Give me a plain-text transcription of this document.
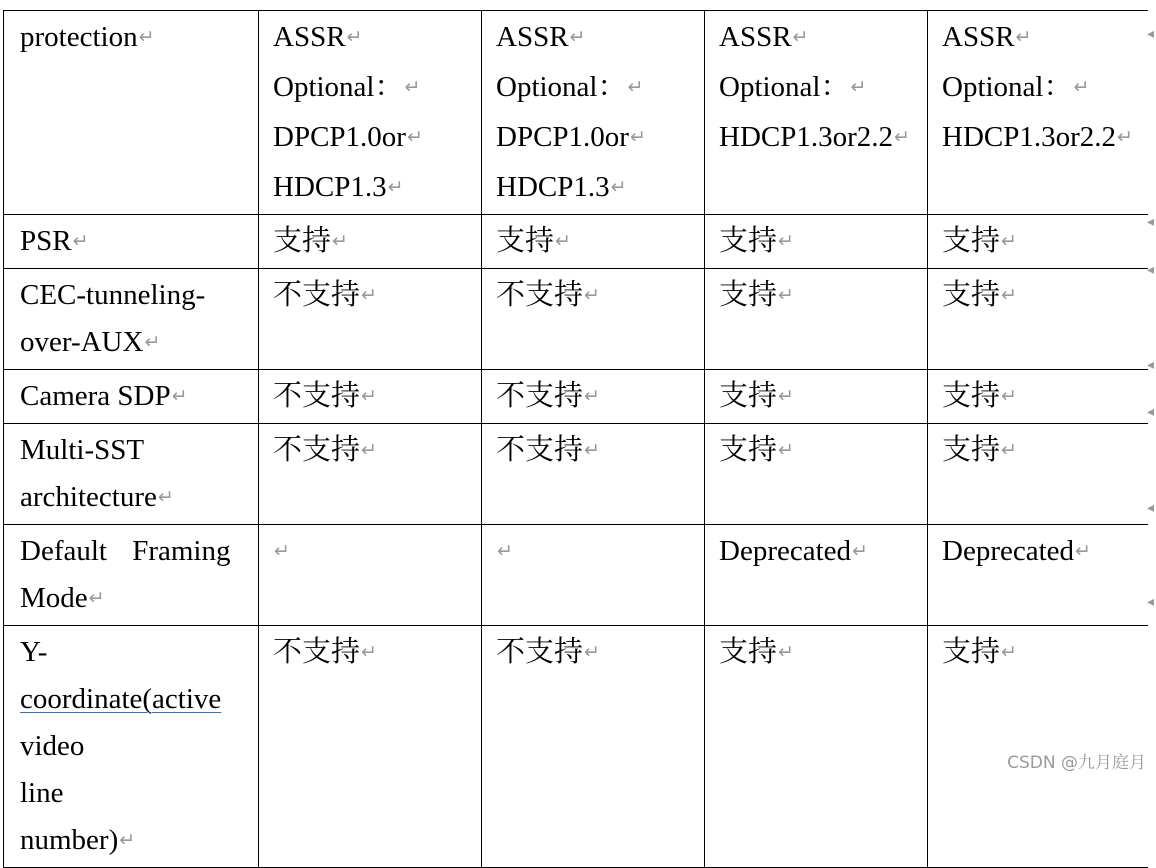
protection↵	ASSR↵
Optional：↵
DPCP1.0or↵
HDCP1.3↵	ASSR↵
Optional：↵
DPCP1.0or↵
HDCP1.3↵	ASSR↵
Optional：↵
HDCP1.3or2.2↵	ASSR↵
Optional：↵
HDCP1.3or2.2↵

PSR↵	支持↵	支持↵	支持↵	支持↵

CEC-tunneling-
over-AUX↵	不支持↵	不支持↵	支持↵	支持↵

Camera SDP↵	不支持↵	不支持↵	支持↵	支持↵

Multi-SST
architecture↵	不支持↵	不支持↵	支持↵	支持↵

Default Framing
Mode↵	↵	↵	Deprecated↵	Deprecated↵

Y-
coordinate(active
video line
number)↵	不支持↵	不支持↵	支持↵	支持↵
◂
◂
◂
◂
◂
◂
◂
CSDN @九月庭月
